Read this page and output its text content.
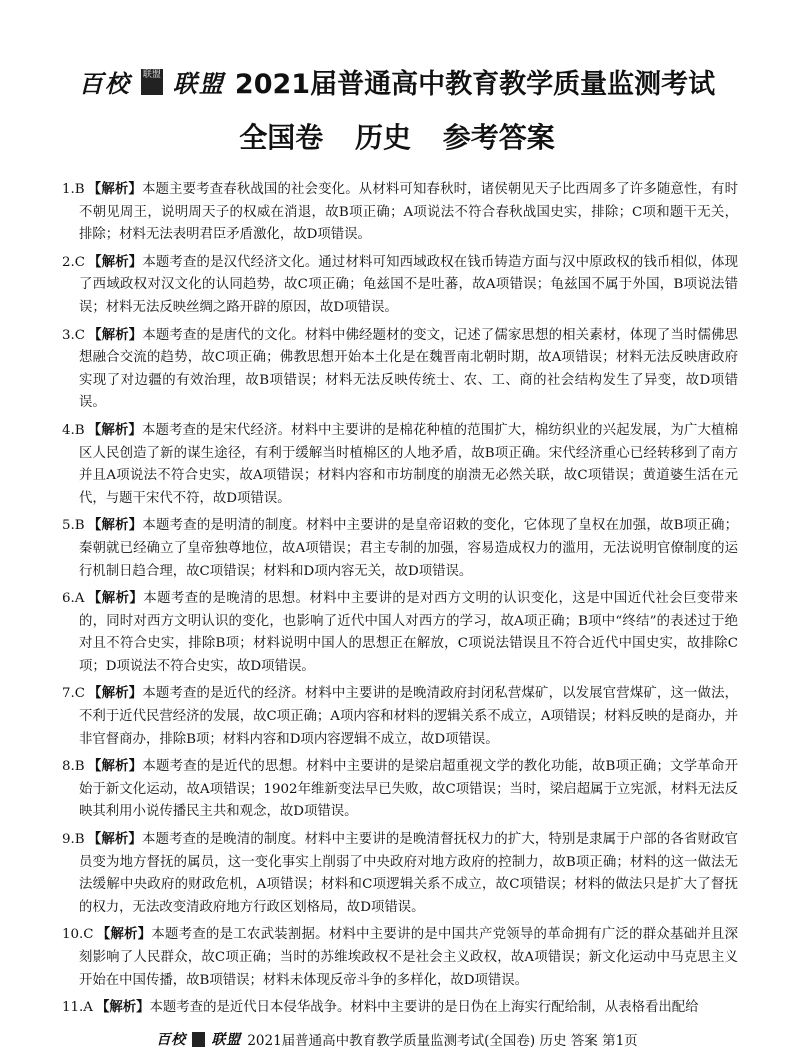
百校 联盟 联盟 2021届普通高中教育教学质量监测考试
全国卷 历史 参考答案

1.B 【解析】本题主要考查春秋战国的社会变化。从材料可知春秋时，诸侯朝见天子比西周多了许多随意性，有时不朝见周王，说明周天子的权威在消退，故B项正确；A项说法不符合春秋战国史实，排除；C项和题干无关，排除；材料无法表明君臣矛盾激化，故D项错误。

2.C 【解析】本题考查的是汉代经济文化。通过材料可知西域政权在钱币铸造方面与汉中原政权的钱币相似，体现了西域政权对汉文化的认同趋势，故C项正确；龟兹国不是吐蕃，故A项错误；龟兹国不属于外国，B项说法错误；材料无法反映丝绸之路开辟的原因，故D项错误。

3.C 【解析】本题考查的是唐代的文化。材料中佛经题材的变文，记述了儒家思想的相关素材，体现了当时儒佛思想融合交流的趋势，故C项正确；佛教思想开始本土化是在魏晋南北朝时期，故A项错误；材料无法反映唐政府实现了对边疆的有效治理，故B项错误；材料无法反映传统士、农、工、商的社会结构发生了异变，故D项错误。

4.B 【解析】本题考查的是宋代经济。材料中主要讲的是棉花种植的范围扩大，棉纺织业的兴起发展，为广大植棉区人民创造了新的谋生途径，有利于缓解当时植棉区的人地矛盾，故B项正确。宋代经济重心已经转移到了南方并且A项说法不符合史实，故A项错误；材料内容和市坊制度的崩溃无必然关联，故C项错误；黄道婆生活在元代，与题干宋代不符，故D项错误。

5.B 【解析】本题考查的是明清的制度。材料中主要讲的是皇帝诏敕的变化，它体现了皇权在加强，故B项正确；秦朝就已经确立了皇帝独尊地位，故A项错误；君主专制的加强，容易造成权力的滥用，无法说明官僚制度的运行机制日趋合理，故C项错误；材料和D项内容无关，故D项错误。

6.A 【解析】本题考查的是晚清的思想。材料中主要讲的是对西方文明的认识变化，这是中国近代社会巨变带来的，同时对西方文明认识的变化，也影响了近代中国人对西方的学习，故A项正确；B项中“终结”的表述过于绝对且不符合史实，排除B项；材料说明中国人的思想正在解放，C项说法错误且不符合近代中国史实，故排除C项；D项说法不符合史实，故D项错误。

7.C 【解析】本题考查的是近代的经济。材料中主要讲的是晚清政府封闭私营煤矿，以发展官营煤矿，这一做法，不利于近代民营经济的发展，故C项正确；A项内容和材料的逻辑关系不成立，A项错误；材料反映的是商办，并非官督商办，排除B项；材料内容和D项内容逻辑不成立，故D项错误。

8.B 【解析】本题考查的是近代的思想。材料中主要讲的是梁启超重视文学的教化功能，故B项正确；文学革命开始于新文化运动，故A项错误；1902年维新变法早已失败，故C项错误；当时，梁启超属于立宪派，材料无法反映其利用小说传播民主共和观念，故D项错误。

9.B 【解析】本题考查的是晚清的制度。材料中主要讲的是晚清督抚权力的扩大，特别是隶属于户部的各省财政官员变为地方督抚的属员，这一变化事实上削弱了中央政府对地方政府的控制力，故B项正确；材料的这一做法无法缓解中央政府的财政危机，A项错误；材料和C项逻辑关系不成立，故C项错误；材料的做法只是扩大了督抚的权力，无法改变清政府地方行政区划格局，故D项错误。

10.C 【解析】本题考查的是工农武装割据。材料中主要讲的是中国共产党领导的革命拥有广泛的群众基础并且深刻影响了人民群众，故C项正确；当时的苏维埃政权不是社会主义政权，故A项错误；新文化运动中马克思主义开始在中国传播，故B项错误；材料未体现反帝斗争的多样化，故D项错误。

11.A 【解析】本题考查的是近代日本侵华战争。材料中主要讲的是日伪在上海实行配给制，从表格看出配给

百校 联盟 2021届普通高中教育教学质量监测考试(全国卷) 历史 答案 第1页
